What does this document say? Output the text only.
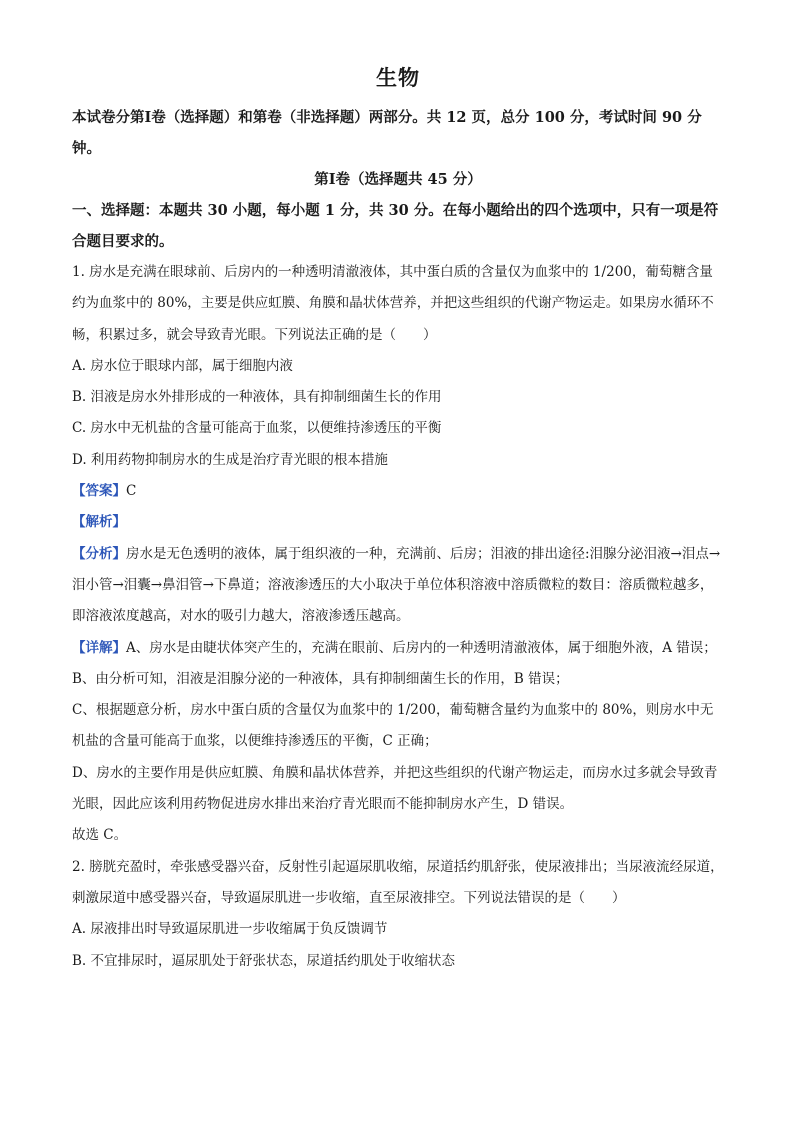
生物

本试卷分第Ⅰ卷（选择题）和第卷（非选择题）两部分。共 12 页，总分 100 分，考试时间 90 分钟。

第Ⅰ卷（选择题共 45 分）

一、选择题：本题共 30 小题，每小题 1 分，共 30 分。在每小题给出的四个选项中，只有一项是符合题目要求的。

1. 房水是充满在眼球前、后房内的一种透明清澈液体，其中蛋白质的含量仅为血浆中的 1/200，葡萄糖含量约为血浆中的 80%，主要是供应虹膜、角膜和晶状体营养，并把这些组织的代谢产物运走。如果房水循环不畅，积累过多，就会导致青光眼。下列说法正确的是（　　）

A. 房水位于眼球内部，属于细胞内液

B. 泪液是房水外排形成的一种液体，具有抑制细菌生长的作用

C. 房水中无机盐的含量可能高于血浆，以便维持渗透压的平衡

D. 利用药物抑制房水的生成是治疗青光眼的根本措施

【答案】C

【解析】

【分析】房水是无色透明的液体，属于组织液的一种，充满前、后房；泪液的排出途径:泪腺分泌泪液→泪点→泪小管→泪囊→鼻泪管→下鼻道；溶液渗透压的大小取决于单位体积溶液中溶质微粒的数目：溶质微粒越多，即溶液浓度越高，对水的吸引力越大，溶液渗透压越高。

【详解】A、房水是由睫状体突产生的，充满在眼前、后房内的一种透明清澈液体，属于细胞外液，A 错误；

B、由分析可知，泪液是泪腺分泌的一种液体，具有抑制细菌生长的作用，B 错误；

C、根据题意分析，房水中蛋白质的含量仅为血浆中的 1/200，葡萄糖含量约为血浆中的 80%，则房水中无机盐的含量可能高于血浆，以便维持渗透压的平衡，C 正确；

D、房水的主要作用是供应虹膜、角膜和晶状体营养，并把这些组织的代谢产物运走，而房水过多就会导致青光眼，因此应该利用药物促进房水排出来治疗青光眼而不能抑制房水产生，D 错误。

故选 C。

2. 膀胱充盈时，牵张感受器兴奋，反射性引起逼尿肌收缩，尿道括约肌舒张，使尿液排出；当尿液流经尿道，刺激尿道中感受器兴奋，导致逼尿肌进一步收缩，直至尿液排空。下列说法错误的是（　　）

A. 尿液排出时导致逼尿肌进一步收缩属于负反馈调节

B. 不宜排尿时，逼尿肌处于舒张状态，尿道括约肌处于收缩状态
